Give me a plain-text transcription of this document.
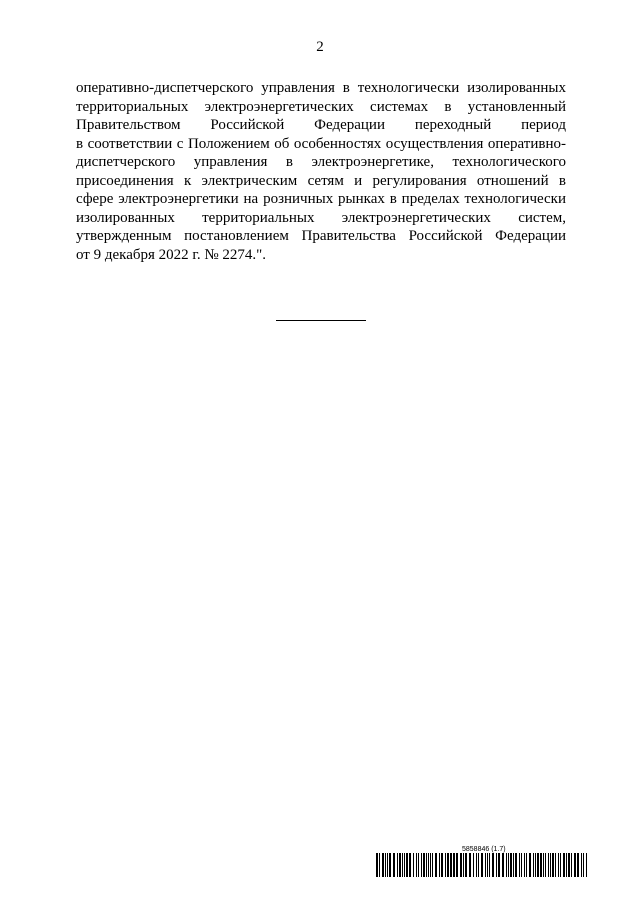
2
оперативно-диспетчерского управления в технологически изолированных
территориальных электроэнергетических системах в установленный
Правительством Российской Федерации переходный период
в соответствии с Положением об особенностях осуществления оперативно-
диспетчерского управления в электроэнергетике, технологического
присоединения к электрическим сетям и регулирования отношений в
сфере электроэнергетики на розничных рынках в пределах технологически
изолированных территориальных электроэнергетических систем,
утвержденным постановлением Правительства Российской Федерации
от 9 декабря 2022 г. № 2274.".
5858846 (1.7)
